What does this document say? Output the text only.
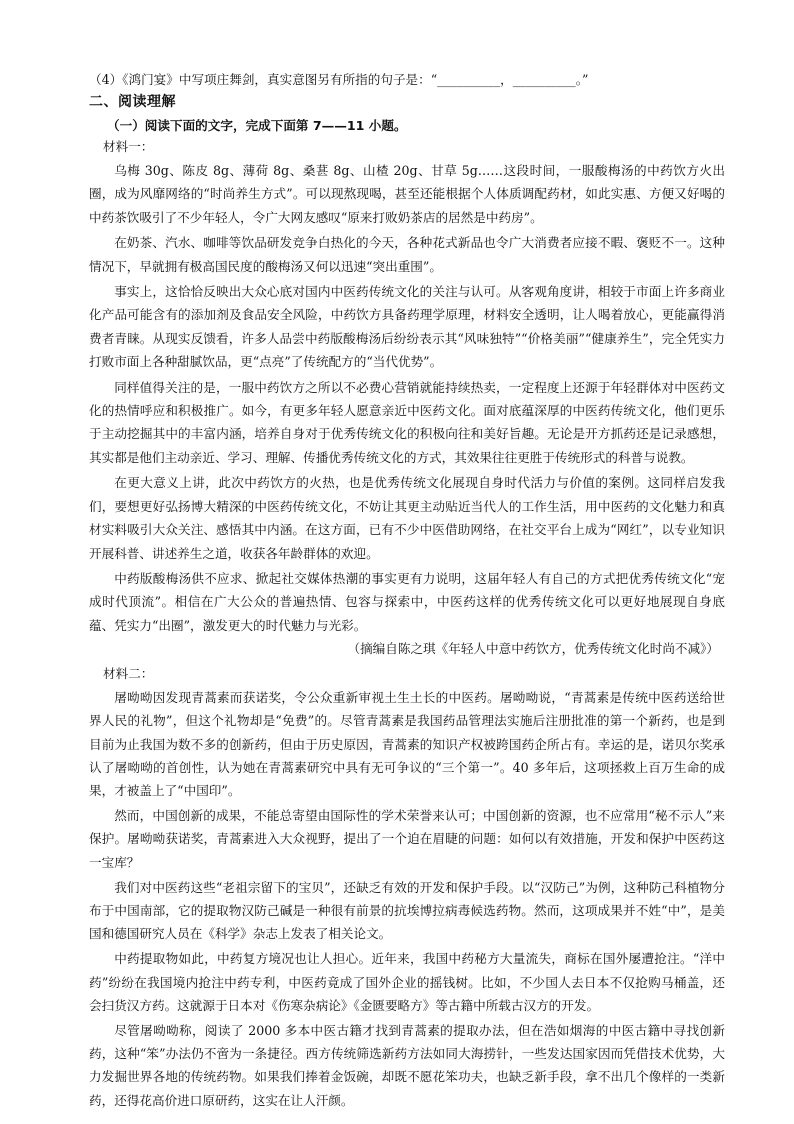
（4）《鸿门宴》中写项庄舞剑，真实意图另有所指的句子是：“__________，__________。”

二、阅读理解
（一）阅读下面的文字，完成下面第 7——11 小题。
材料一：

乌梅 30g、陈皮 8g、薄荷 8g、桑葚 8g、山楂 20g、甘草 5g……这段时间，一服酸梅汤的中药饮方火出圈，成为风靡网络的“时尚养生方式”。可以现熬现喝，甚至还能根据个人体质调配药材，如此实惠、方便又好喝的中药茶饮吸引了不少年轻人，令广大网友感叹“原来打败奶茶店的居然是中药房”。

在奶茶、汽水、咖啡等饮品研发竞争白热化的今天，各种花式新品也令广大消费者应接不暇、褒贬不一。这种情况下，早就拥有极高国民度的酸梅汤又何以迅速“突出重围”。

事实上，这恰恰反映出大众心底对国内中医药传统文化的关注与认可。从客观角度讲，相较于市面上许多商业化产品可能含有的添加剂及食品安全风险，中药饮方具备药理学原理，材料安全透明，让人喝着放心，更能赢得消费者青睐。从现实反馈看，许多人品尝中药版酸梅汤后纷纷表示其“风味独特”“价格美丽”“健康养生”，完全凭实力打败市面上各种甜腻饮品，更“点亮”了传统配方的“当代优势”。

同样值得关注的是，一服中药饮方之所以不必费心营销就能持续热卖，一定程度上还源于年轻群体对中医药文化的热情呼应和积极推广。如今，有更多年轻人愿意亲近中医药文化。面对底蕴深厚的中医药传统文化，他们更乐于主动挖掘其中的丰富内涵，培养自身对于优秀传统文化的积极向往和美好旨趣。无论是开方抓药还是记录感想，其实都是他们主动亲近、学习、理解、传播优秀传统文化的方式，其效果往往更胜于传统形式的科普与说教。

在更大意义上讲，此次中药饮方的火热，也是优秀传统文化展现自身时代活力与价值的案例。这同样启发我们，要想更好弘扬博大精深的中医药传统文化，不妨让其更主动贴近当代人的工作生活，用中医药的文化魅力和真材实料吸引大众关注、感悟其中内涵。在这方面，已有不少中医借助网络，在社交平台上成为“网红”，以专业知识开展科普、讲述养生之道，收获各年龄群体的欢迎。

中药版酸梅汤供不应求、掀起社交媒体热潮的事实更有力说明，这届年轻人有自己的方式把优秀传统文化“宠成时代顶流”。相信在广大公众的普遍热情、包容与探索中，中医药这样的优秀传统文化可以更好地展现自身底蕴、凭实力“出圈”，激发更大的时代魅力与光彩。

（摘编自陈之琪《年轻人中意中药饮方，优秀传统文化时尚不减》）
材料二：

屠呦呦因发现青蒿素而获诺奖，令公众重新审视土生土长的中医药。屠呦呦说，“青蒿素是传统中医药送给世界人民的礼物”，但这个礼物却是“免费”的。尽管青蒿素是我国药品管理法实施后注册批准的第一个新药，也是到目前为止我国为数不多的创新药，但由于历史原因，青蒿素的知识产权被跨国药企所占有。幸运的是，诺贝尔奖承认了屠呦呦的首创性，认为她在青蒿素研究中具有无可争议的“三个第一”。40 多年后，这项拯救上百万生命的成果，才被盖上了“中国印”。

然而，中国创新的成果，不能总寄望由国际性的学术荣誉来认可；中国创新的资源，也不应常用“秘不示人”来保护。屠呦呦获诺奖，青蒿素进入大众视野，提出了一个迫在眉睫的问题：如何以有效措施，开发和保护中医药这一宝库？

我们对中医药这些“老祖宗留下的宝贝”，还缺乏有效的开发和保护手段。以“汉防己”为例，这种防己科植物分布于中国南部，它的提取物汉防己碱是一种很有前景的抗埃博拉病毒候选药物。然而，这项成果并不姓“中”，是美国和德国研究人员在《科学》杂志上发表了相关论文。

中药提取物如此，中药复方境况也让人担心。近年来，我国中药秘方大量流失，商标在国外屡遭抢注。“洋中药”纷纷在我国境内抢注中药专利，中医药竟成了国外企业的摇钱树。比如，不少国人去日本不仅抢购马桶盖，还会扫货汉方药。这就源于日本对《伤寒杂病论》《金匮要略方》等古籍中所载古汉方的开发。

尽管屠呦呦称，阅读了 2000 多本中医古籍才找到青蒿素的提取办法，但在浩如烟海的中医古籍中寻找创新药，这种“笨”办法仍不啻为一条捷径。西方传统筛选新药方法如同大海捞针，一些发达国家因而凭借技术优势，大力发掘世界各地的传统药物。如果我们捧着金饭碗，却既不愿花笨功夫，也缺乏新手段，拿不出几个像样的一类新药，还得花高价进口原研药，这实在让人汗颜。
